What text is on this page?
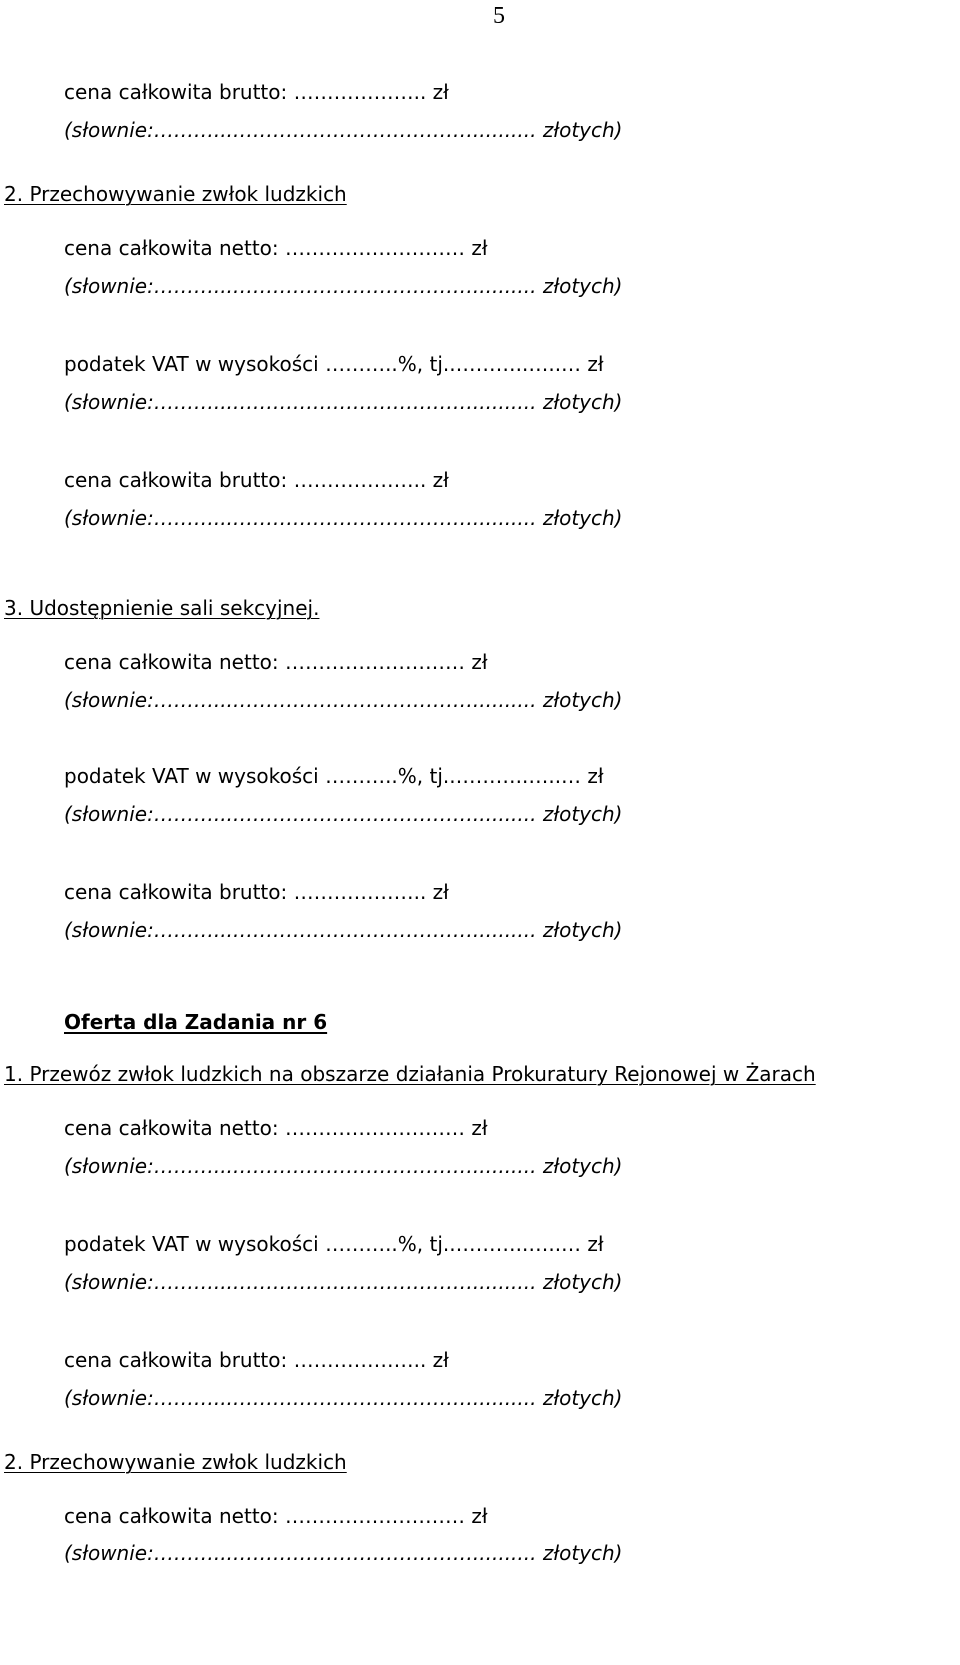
5
cena całkowita brutto: ……………….. zł
(słownie:………...……………………………….......... złotych)
2. Przechowywanie zwłok ludzkich
cena całkowita netto: ……………………… zł
(słownie:………...……………………………….......... złotych)
podatek VAT w wysokości ………..%, tj..………..…..… zł
(słownie:………...……………………………….......... złotych)
cena całkowita brutto: ……………….. zł
(słownie:………...……………………………….......... złotych)
3. Udostępnienie sali sekcyjnej.
cena całkowita netto: ……………………… zł
(słownie:………...……………………………….......... złotych)
podatek VAT w wysokości ………..%, tj..………..…..… zł
(słownie:………...……………………………….......... złotych)
cena całkowita brutto: ……………….. zł
(słownie:………...……………………………….......... złotych)
Oferta dla Zadania nr 6
1. Przewóz zwłok ludzkich na obszarze działania Prokuratury Rejonowej w Żarach
cena całkowita netto: ……………………… zł
(słownie:………...……………………………….......... złotych)
podatek VAT w wysokości ………..%, tj..………..…..… zł
(słownie:………...……………………………….......... złotych)
cena całkowita brutto: ……………….. zł
(słownie:………...……………………………….......... złotych)
2. Przechowywanie zwłok ludzkich
cena całkowita netto: ……………………… zł
(słownie:………...……………………………….......... złotych)
